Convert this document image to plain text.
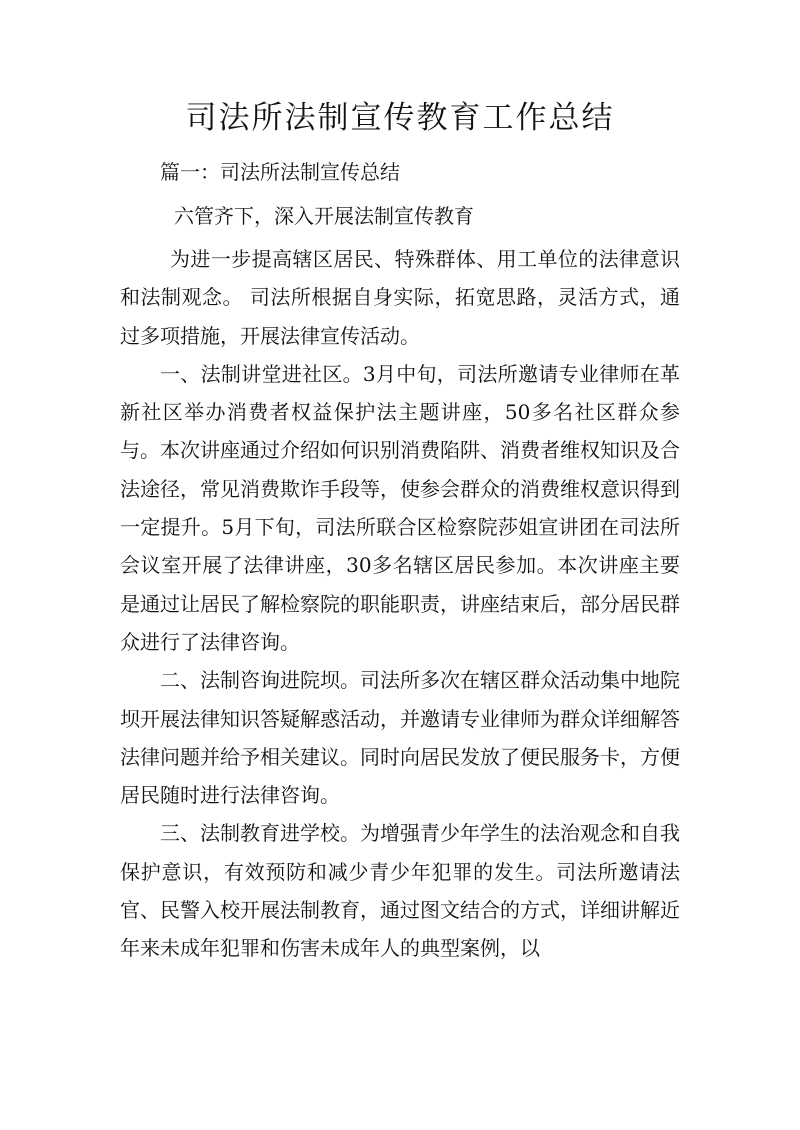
司法所法制宣传教育工作总结
篇一：司法所法制宣传总结
六管齐下，深入开展法制宣传教育

为进一步提高辖区居民、特殊群体、用工单位的法律意识和法制观念。 司法所根据自身实际，拓宽思路，灵活方式，通过多项措施，开展法律宣传活动。

一、法制讲堂进社区。3月中旬，司法所邀请专业律师在革新社区举办消费者权益保护法主题讲座，50多名社区群众参与。本次讲座通过介绍如何识别消费陷阱、消费者维权知识及合法途径，常见消费欺诈手段等，使参会群众的消费维权意识得到一定提升。5月下旬，司法所联合区检察院莎姐宣讲团在司法所会议室开展了法律讲座，30多名辖区居民参加。本次讲座主要是通过让居民了解检察院的职能职责，讲座结束后，部分居民群众进行了法律咨询。

二、法制咨询进院坝。司法所多次在辖区群众活动集中地院坝开展法律知识答疑解惑活动，并邀请专业律师为群众详细解答法律问题并给予相关建议。同时向居民发放了便民服务卡，方便居民随时进行法律咨询。

三、法制教育进学校。为增强青少年学生的法治观念和自我保护意识，有效预防和减少青少年犯罪的发生。司法所邀请法官、民警入校开展法制教育，通过图文结合的方式，详细讲解近年来未成年犯罪和伤害未成年人的典型案例，以
